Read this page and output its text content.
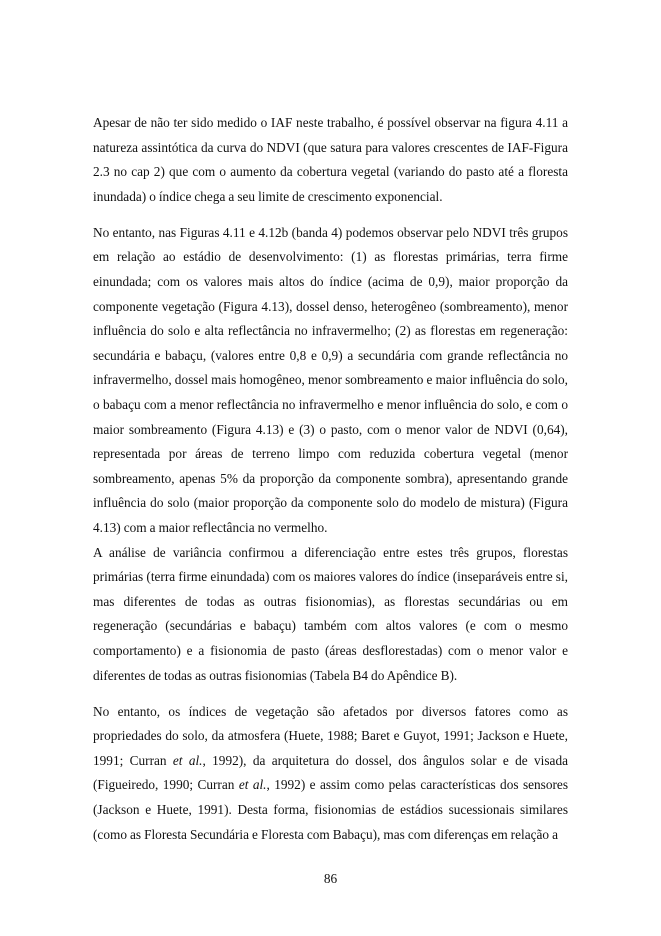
Apesar de não ter sido medido o IAF neste trabalho, é possível observar na figura 4.11 a natureza assintótica da curva do NDVI (que satura para valores crescentes de IAF-Figura 2.3 no cap 2) que com o aumento da cobertura vegetal (variando do pasto até a floresta inundada) o índice chega a seu limite de crescimento exponencial.

No entanto, nas Figuras 4.11 e 4.12b (banda 4) podemos observar pelo NDVI três grupos em relação ao estádio de desenvolvimento: (1) as florestas primárias, terra firme einundada; com os valores mais altos do índice (acima de 0,9), maior proporção da componente vegetação (Figura 4.13), dossel denso, heterogêneo (sombreamento), menor influência do solo e alta reflectância no infravermelho; (2) as florestas em regeneração: secundária e babaçu, (valores entre 0,8 e 0,9) a secundária com grande reflectância no infravermelho, dossel mais homogêneo, menor sombreamento e maior influência do solo, o babaçu com a menor reflectância no infravermelho e menor influência do solo, e com o maior sombreamento (Figura 4.13) e (3) o pasto, com o menor valor de NDVI (0,64), representada por áreas de terreno limpo com reduzida cobertura vegetal (menor sombreamento, apenas 5% da proporção da componente sombra), apresentando grande influência do solo (maior proporção da componente solo do modelo de mistura) (Figura 4.13) com a maior reflectância no vermelho.

A análise de variância confirmou a diferenciação entre estes três grupos, florestas primárias (terra firme einundada) com os maiores valores do índice (inseparáveis entre si, mas diferentes de todas as outras fisionomias), as florestas secundárias ou em regeneração (secundárias e babaçu) também com altos valores (e com o mesmo comportamento) e a fisionomia de pasto (áreas desflorestadas) com o menor valor e diferentes de todas as outras fisionomias (Tabela B4 do Apêndice B).

No entanto, os índices de vegetação são afetados por diversos fatores como as propriedades do solo, da atmosfera (Huete, 1988; Baret e Guyot, 1991; Jackson e Huete, 1991; Curran et al., 1992), da arquitetura do dossel, dos ângulos solar e de visada (Figueiredo, 1990; Curran et al., 1992) e assim como pelas características dos sensores (Jackson e Huete, 1991). Desta forma, fisionomias de estádios sucessionais similares (como as Floresta Secundária e Floresta com Babaçu), mas com diferenças em relação a

86
